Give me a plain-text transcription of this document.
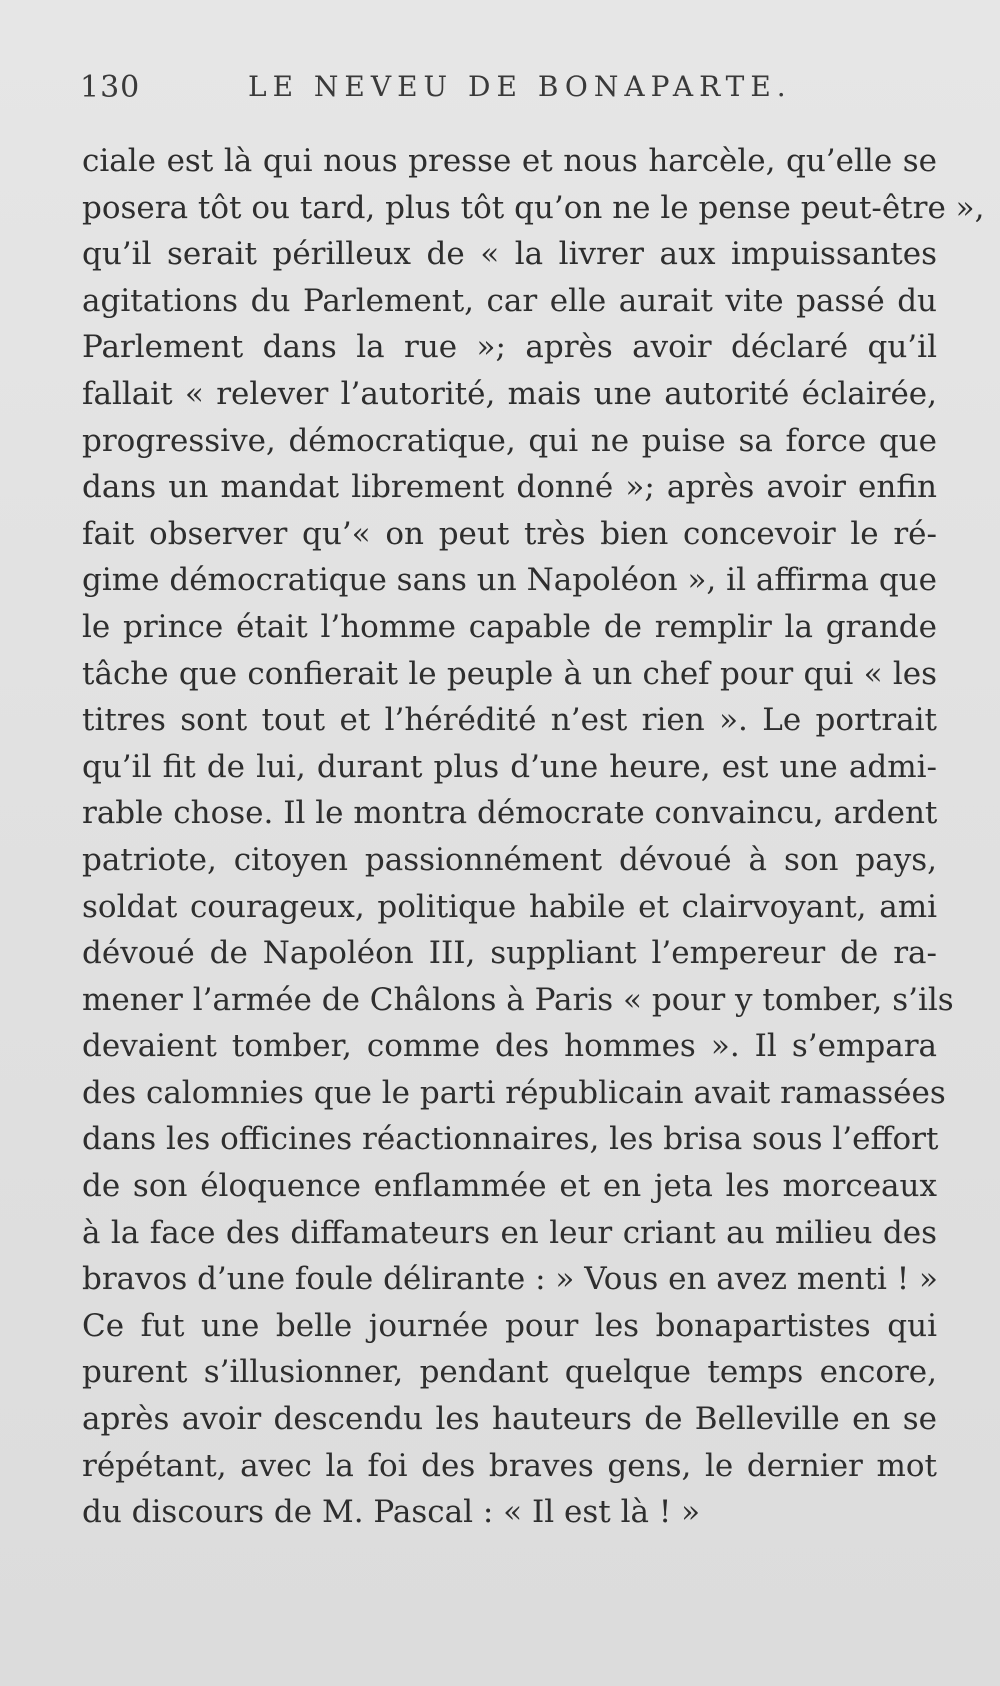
130	LE NEVEU DE BONAPARTE.
ciale est là qui nous presse et nous harcèle, qu’elle se
posera tôt ou tard, plus tôt qu’on ne le pense peut-être »,
qu’il serait périlleux de « la livrer aux impuissantes
agitations du Parlement, car elle aurait vite passé du
Parlement dans la rue »; après avoir déclaré qu’il
fallait « relever l’autorité, mais une autorité éclairée,
progressive, démocratique, qui ne puise sa force que
dans un mandat librement donné »; après avoir enfin
fait observer qu’« on peut très bien concevoir le ré-
gime démocratique sans un Napoléon », il affirma que
le prince était l’homme capable de remplir la grande
tâche que confierait le peuple à un chef pour qui « les
titres sont tout et l’hérédité n’est rien ». Le portrait
qu’il fit de lui, durant plus d’une heure, est une admi-
rable chose. Il le montra démocrate convaincu, ardent
patriote, citoyen passionnément dévoué à son pays,
soldat courageux, politique habile et clairvoyant, ami
dévoué de Napoléon III, suppliant l’empereur de ra-
mener l’armée de Châlons à Paris « pour y tomber, s’ils
devaient tomber, comme des hommes ». Il s’empara
des calomnies que le parti républicain avait ramassées
dans les officines réactionnaires, les brisa sous l’effort
de son éloquence enflammée et en jeta les morceaux
à la face des diffamateurs en leur criant au milieu des
bravos d’une foule délirante : » Vous en avez menti ! »
Ce fut une belle journée pour les bonapartistes qui
purent s’illusionner, pendant quelque temps encore,
après avoir descendu les hauteurs de Belleville en se
répétant, avec la foi des braves gens, le dernier mot
du discours de M. Pascal : « Il est là ! »
